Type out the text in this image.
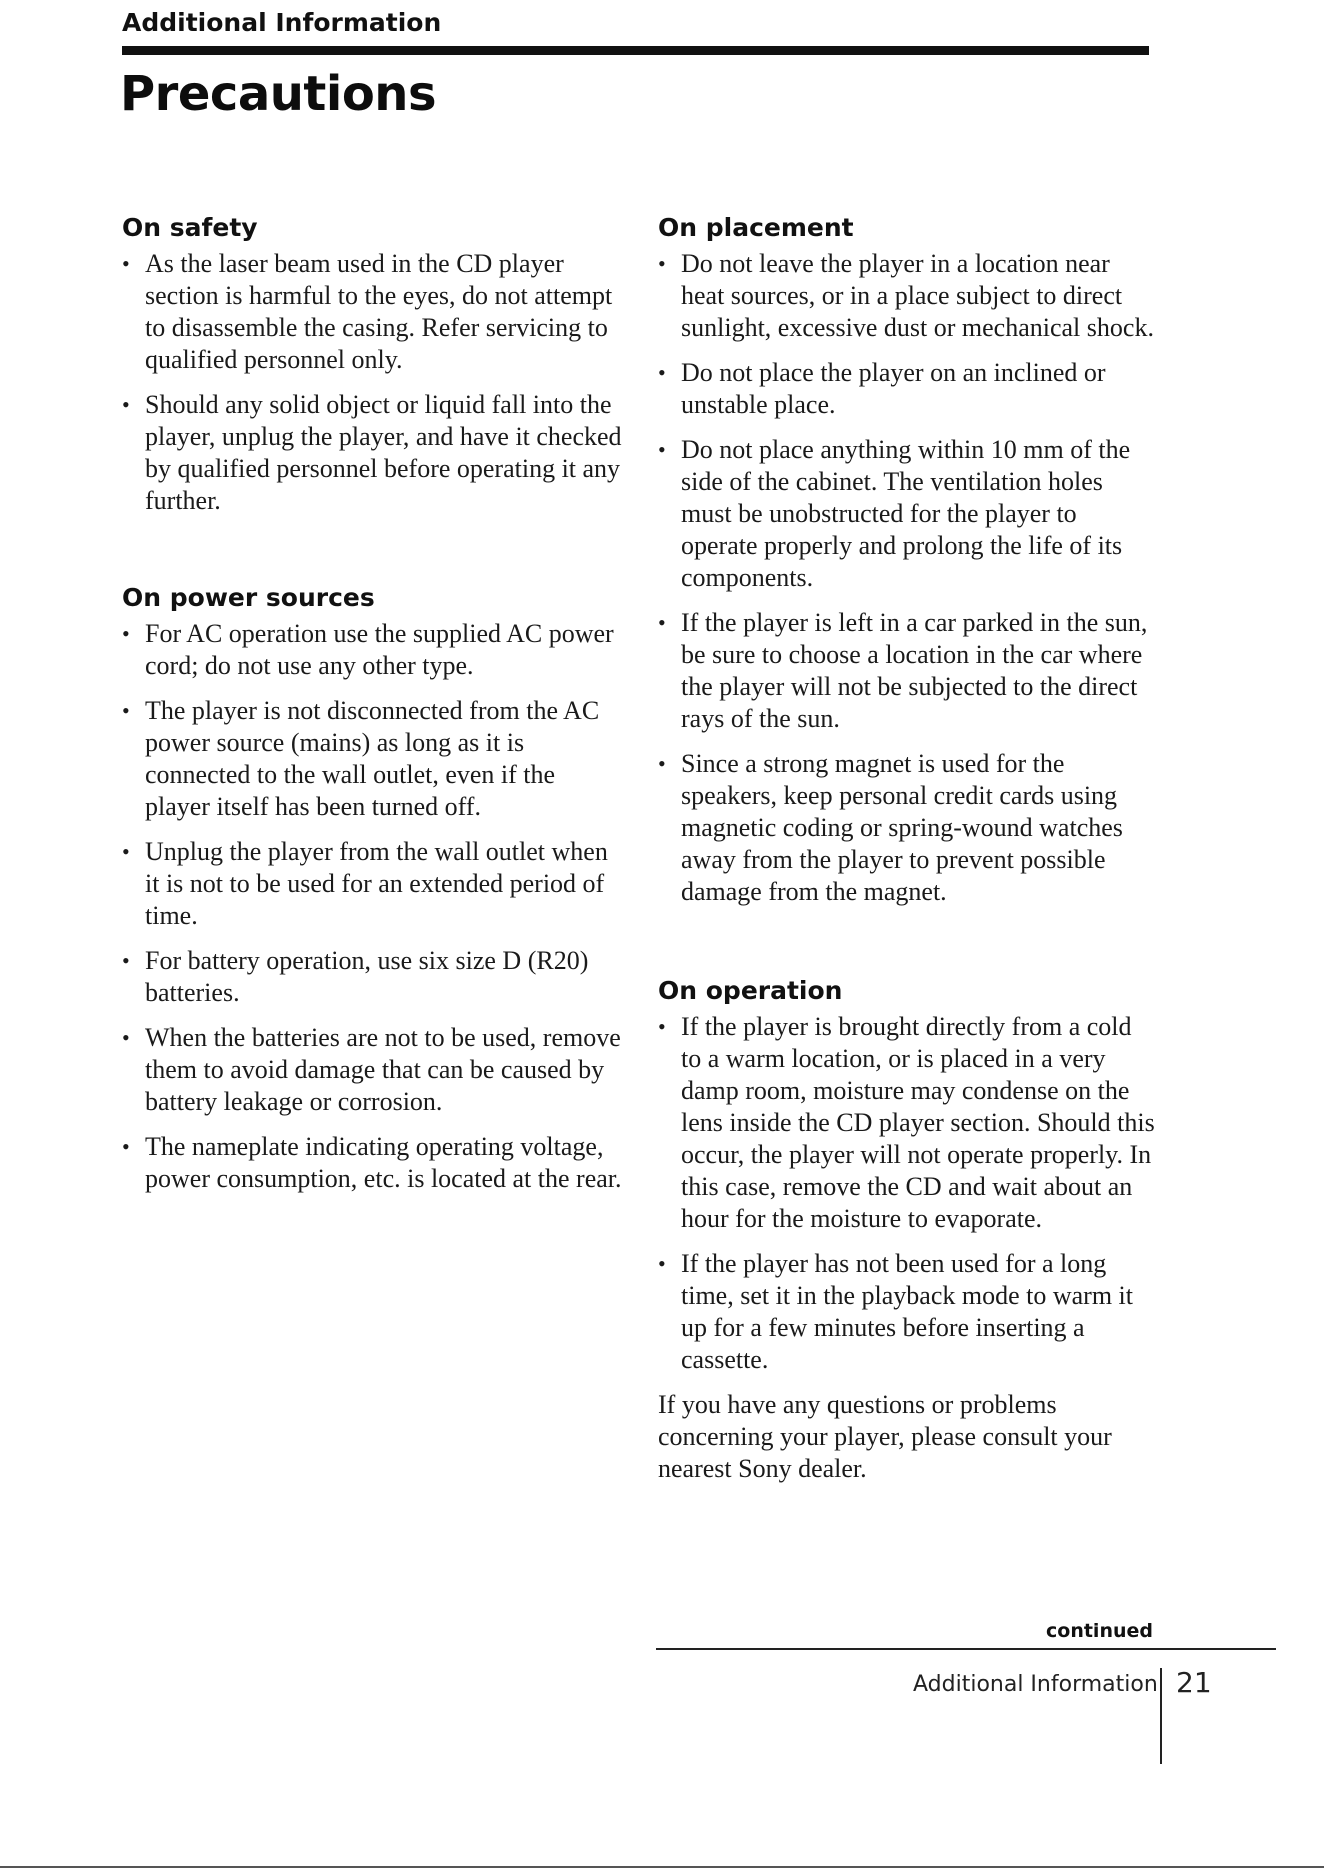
Additional Information
Precautions
On safety
• As the laser beam used in the CD player section is harmful to the eyes, do not attempt to disassemble the casing. Refer servicing to qualified personnel only.
• Should any solid object or liquid fall into the player, unplug the player, and have it checked by qualified personnel before operating it any further.
On power sources
• For AC operation use the supplied AC power cord; do not use any other type.
• The player is not disconnected from the AC power source (mains) as long as it is connected to the wall outlet, even if the player itself has been turned off.
• Unplug the player from the wall outlet when it is not to be used for an extended period of time.
• For battery operation, use six size D (R20) batteries.
• When the batteries are not to be used, remove them to avoid damage that can be caused by battery leakage or corrosion.
• The nameplate indicating operating voltage, power consumption, etc. is located at the rear.
On placement
• Do not leave the player in a location near heat sources, or in a place subject to direct sunlight, excessive dust or mechanical shock.
• Do not place the player on an inclined or unstable place.
• Do not place anything within 10 mm of the side of the cabinet. The ventilation holes must be unobstructed for the player to operate properly and prolong the life of its components.
• If the player is left in a car parked in the sun, be sure to choose a location in the car where the player will not be subjected to the direct rays of the sun.
• Since a strong magnet is used for the speakers, keep personal credit cards using magnetic coding or spring-wound watches away from the player to prevent possible damage from the magnet.
On operation
• If the player is brought directly from a cold to a warm location, or is placed in a very damp room, moisture may condense on the lens inside the CD player section. Should this occur, the player will not operate properly. In this case, remove the CD and wait about an hour for the moisture to evaporate.
• If the player has not been used for a long time, set it in the playback mode to warm it up for a few minutes before inserting a cassette.

If you have any questions or problems concerning your player, please consult your nearest Sony dealer.

continued
Additional Information 21
